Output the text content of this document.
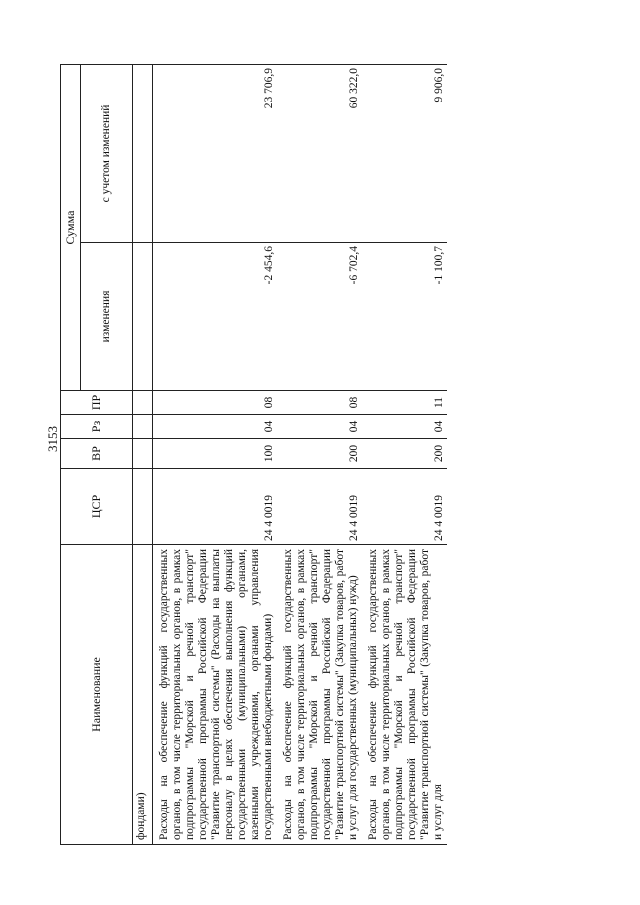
3153
Наименование	ЦСР	ВР	Рз	ПР	Сумма	
					изменения	с учетом изменений
фондами)						
Расходы на обеспечение функций государственных органов, в том числе территориальных органов, в рамках подпрограммы "Морской и речной транспорт" государственной программы Российской Федерации "Развитие транспортной системы" (Расходы на выплаты персоналу в целях обеспечения выполнения функций государственными (муниципальными) органами, казенными учреждениями, органами управления государственными внебюджетными фондами)	24 4 0019	100	04	08	-2 454,6	23 706,9
Расходы на обеспечение функций государственных органов, в том числе территориальных органов, в рамках подпрограммы "Морской и речной транспорт" государственной программы Российской Федерации "Развитие транспортной системы" (Закупка товаров, работ и услуг для государственных (муниципальных) нужд)	24 4 0019	200	04	08	-6 702,4	60 322,0
Расходы на обеспечение функций государственных органов, в том числе территориальных органов, в рамках подпрограммы "Морской и речной транспорт" государственной программы Российской Федерации "Развитие транспортной системы" (Закупка товаров, работ и услуг для	24 4 0019	200	04	11	-1 100,7	9 906,0
